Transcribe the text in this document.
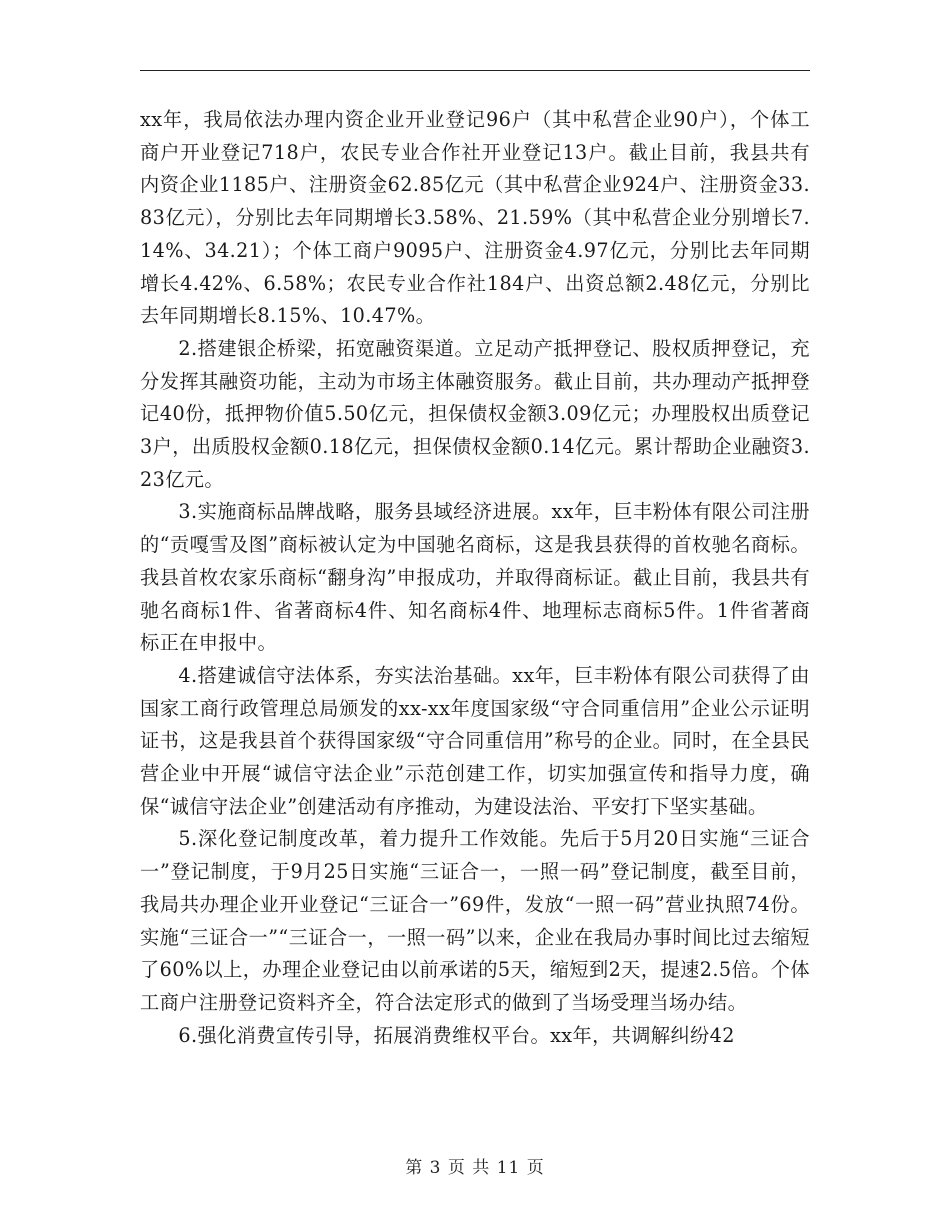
xx年，我局依法办理内资企业开业登记96户（其中私营企业90户），个体工商户开业登记718户，农民专业合作社开业登记13户。截止目前，我县共有内资企业1185户、注册资金62.85亿元（其中私营企业924户、注册资金33.83亿元），分别比去年同期增长3.58%、21.59%（其中私营企业分别增长7.14%、34.21）；个体工商户9095户、注册资金4.97亿元，分别比去年同期增长4.42%、6.58%；农民专业合作社184户、出资总额2.48亿元，分别比去年同期增长8.15%、10.47%。

2.搭建银企桥梁，拓宽融资渠道。立足动产抵押登记、股权质押登记，充分发挥其融资功能，主动为市场主体融资服务。截止目前，共办理动产抵押登记40份，抵押物价值5.50亿元，担保债权金额3.09亿元；办理股权出质登记3户，出质股权金额0.18亿元，担保债权金额0.14亿元。累计帮助企业融资3.23亿元。

3.实施商标品牌战略，服务县域经济进展。xx年，巨丰粉体有限公司注册的“贡嘎雪及图”商标被认定为中国驰名商标，这是我县获得的首枚驰名商标。我县首枚农家乐商标“翻身沟”申报成功，并取得商标证。截止目前，我县共有驰名商标1件、省著商标4件、知名商标4件、地理标志商标5件。1件省著商标正在申报中。

4.搭建诚信守法体系，夯实法治基础。xx年，巨丰粉体有限公司获得了由国家工商行政管理总局颁发的xx-xx年度国家级“守合同重信用”企业公示证明证书，这是我县首个获得国家级“守合同重信用”称号的企业。同时，在全县民营企业中开展“诚信守法企业”示范创建工作，切实加强宣传和指导力度，确保“诚信守法企业”创建活动有序推动，为建设法治、平安打下坚实基础。

5.深化登记制度改革，着力提升工作效能。先后于5月20日实施“三证合一”登记制度，于9月25日实施“三证合一，一照一码”登记制度，截至目前，我局共办理企业开业登记“三证合一”69件，发放“一照一码”营业执照74份。实施“三证合一”“三证合一，一照一码”以来，企业在我局办事时间比过去缩短了60%以上，办理企业登记由以前承诺的5天，缩短到2天，提速2.5倍。个体工商户注册登记资料齐全，符合法定形式的做到了当场受理当场办结。

6.强化消费宣传引导，拓展消费维权平台。xx年，共调解纠纷42

第 3 页 共 11 页
